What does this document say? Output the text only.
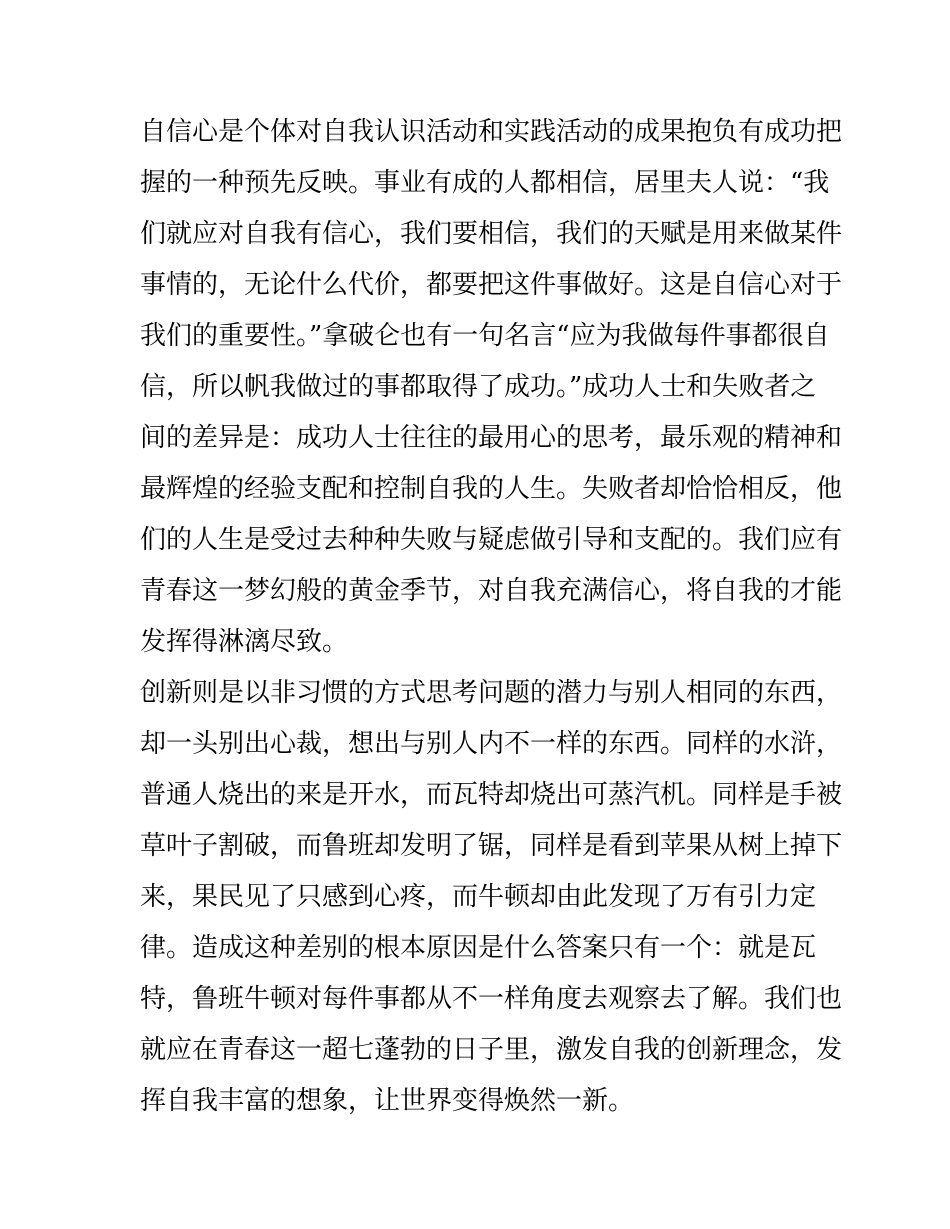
自信心是个体对自我认识活动和实践活动的成果抱负有成功把
握的一种预先反映。事业有成的人都相信，居里夫人说：“我
们就应对自我有信心，我们要相信，我们的天赋是用来做某件
事情的，无论什么代价，都要把这件事做好。这是自信心对于
我们的重要性。”拿破仑也有一句名言“应为我做每件事都很自
信，所以帆我做过的事都取得了成功。”成功人士和失败者之
间的差异是：成功人士往往的最用心的思考，最乐观的精神和
最辉煌的经验支配和控制自我的人生。失败者却恰恰相反，他
们的人生是受过去种种失败与疑虑做引导和支配的。我们应有
青春这一梦幻般的黄金季节，对自我充满信心，将自我的才能
发挥得淋漓尽致。
创新则是以非习惯的方式思考问题的潜力与别人相同的东西，
却一头别出心裁，想出与别人内不一样的东西。同样的水浒，
普通人烧出的来是开水，而瓦特却烧出可蒸汽机。同样是手被
草叶子割破，而鲁班却发明了锯，同样是看到苹果从树上掉下
来，果民见了只感到心疼，而牛顿却由此发现了万有引力定
律。造成这种差别的根本原因是什么答案只有一个：就是瓦
特，鲁班牛顿对每件事都从不一样角度去观察去了解。我们也
就应在青春这一超七蓬勃的日子里，激发自我的创新理念，发
挥自我丰富的想象，让世界变得焕然一新。
